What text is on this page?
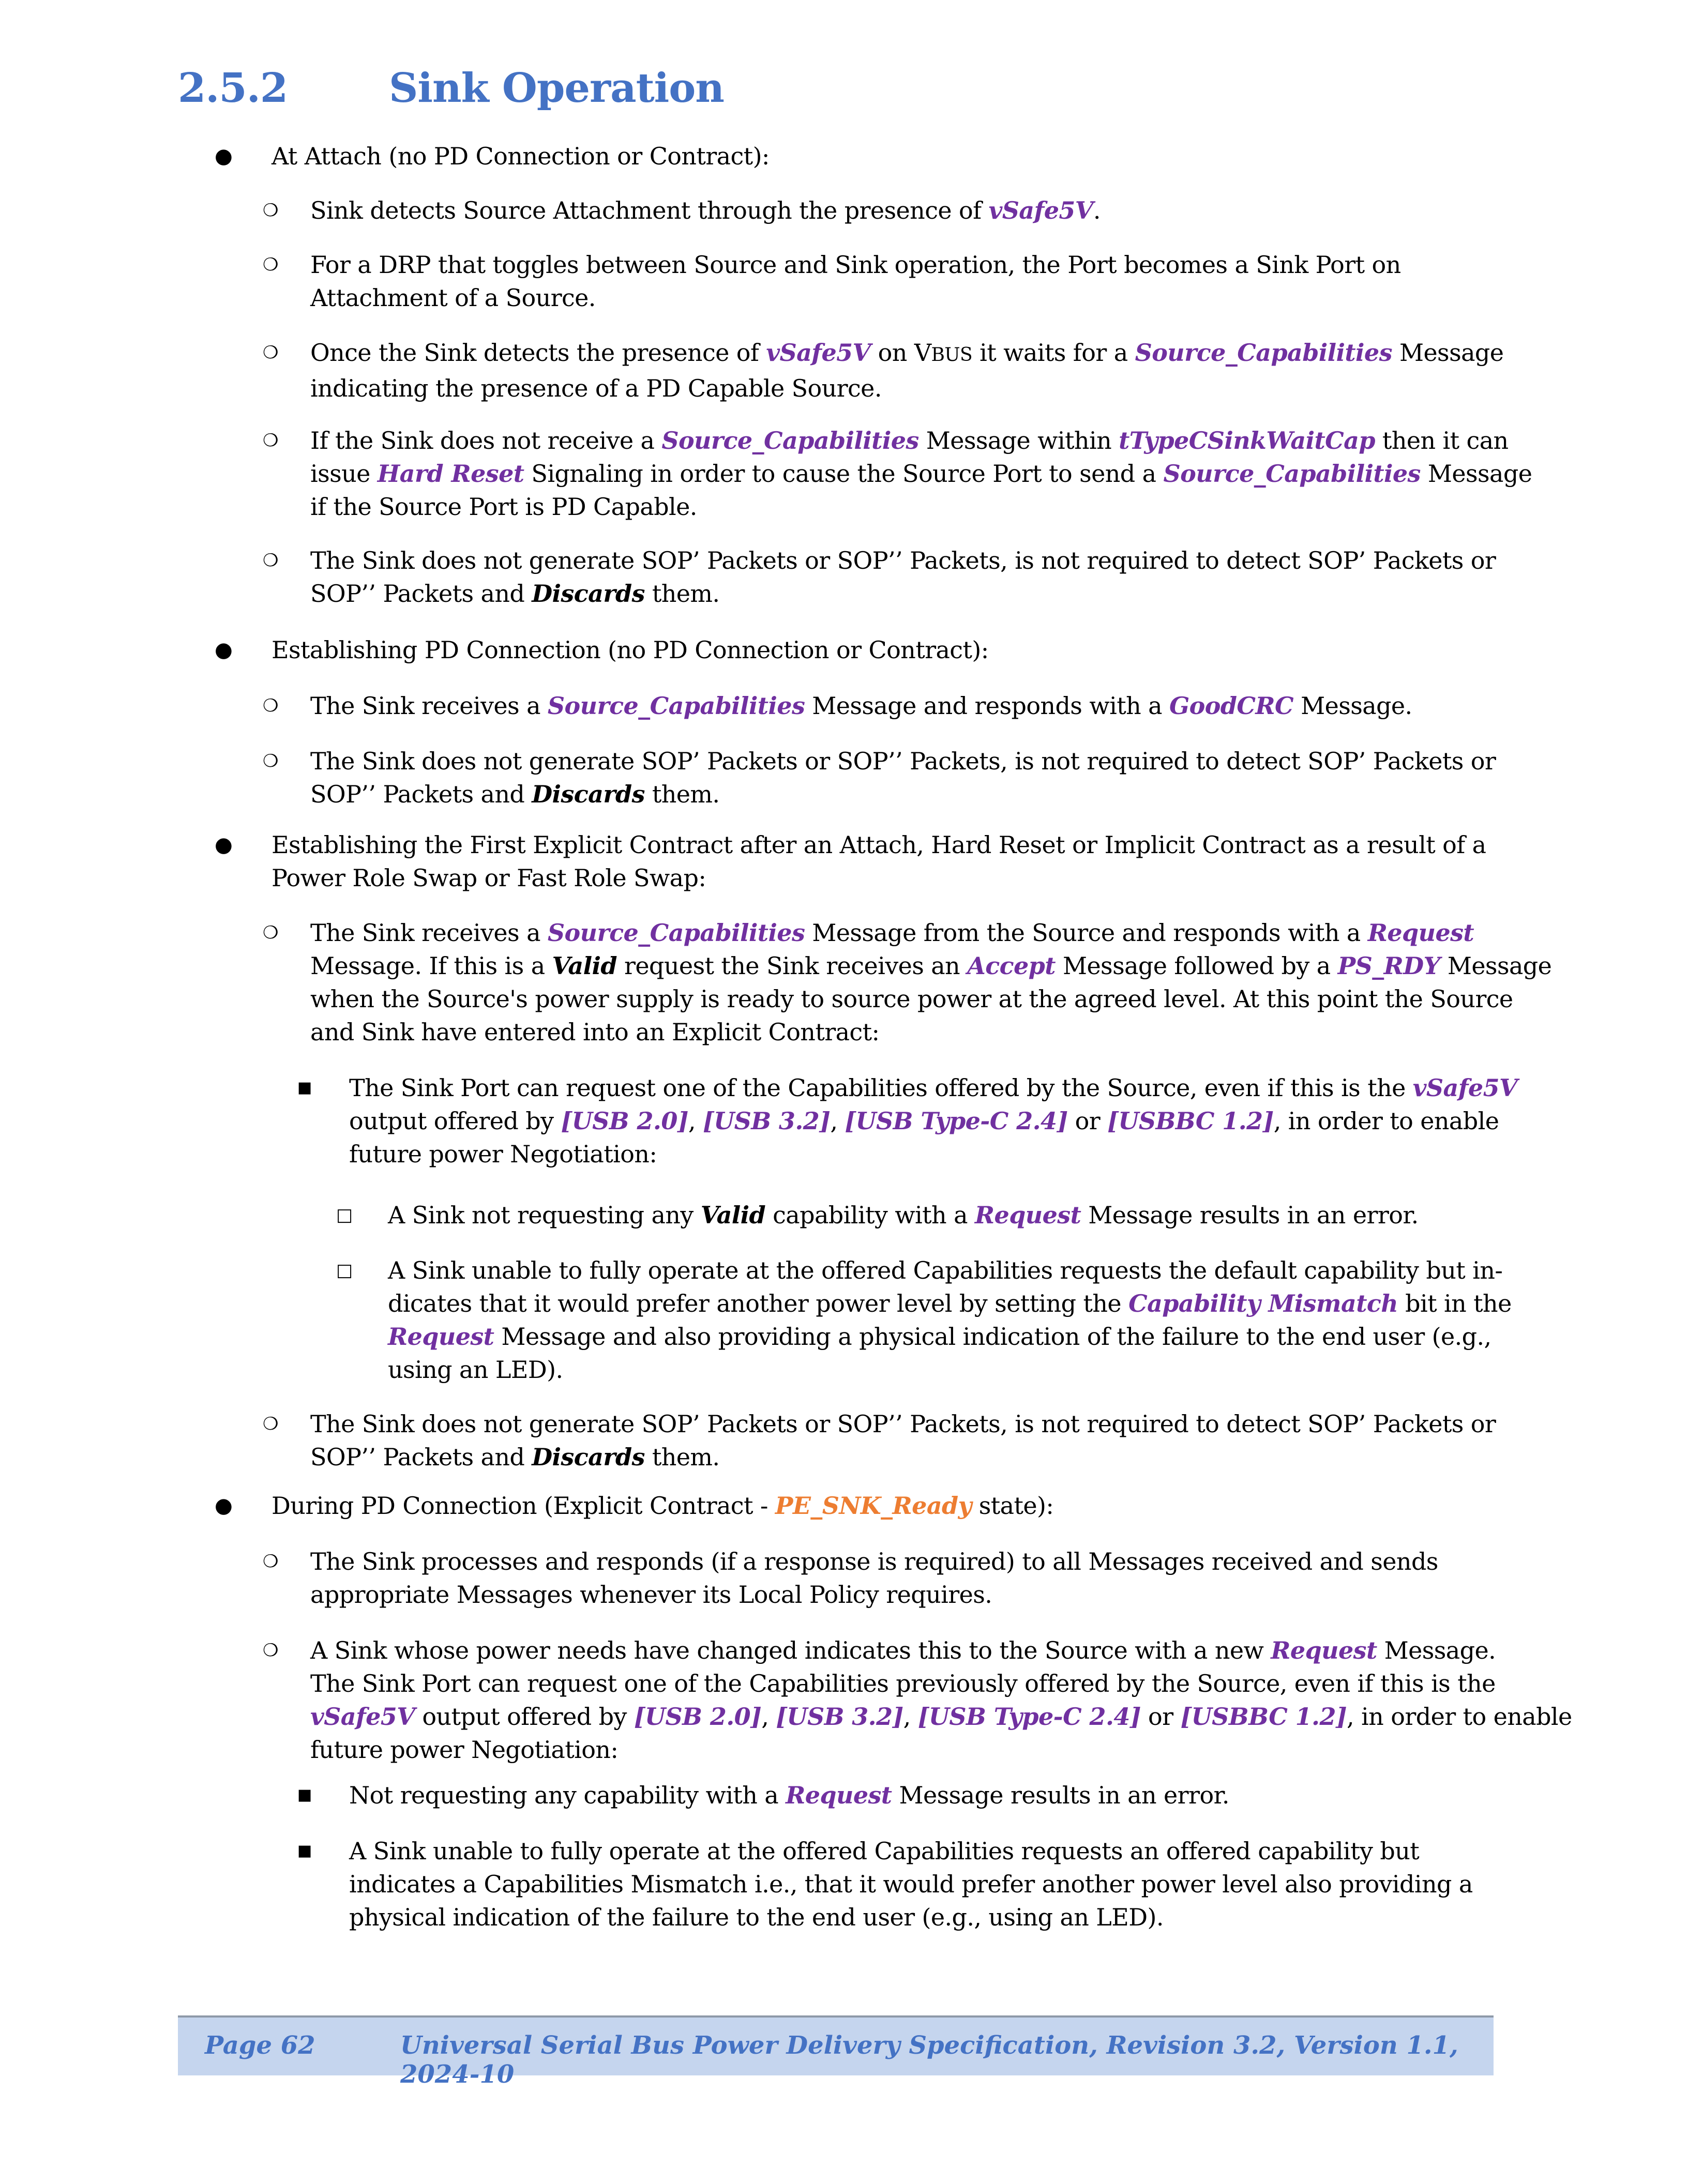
2.5.2	Sink Operation
● At Attach (no PD Connection or Contract):
❍ Sink detects Source Attachment through the presence of vSafe5V.
❍ For a DRP that toggles between Source and Sink operation, the Port becomes a Sink Port on
Attachment of a Source.
❍ Once the Sink detects the presence of vSafe5V on VBUS it waits for a Source_Capabilities Message
indicating the presence of a PD Capable Source.
❍ If the Sink does not receive a Source_Capabilities Message within tTypeCSinkWaitCap then it can
issue Hard Reset Signaling in order to cause the Source Port to send a Source_Capabilities Message
if the Source Port is PD Capable.
❍ The Sink does not generate SOP’ Packets or SOP’’ Packets, is not required to detect SOP’ Packets or
SOP’’ Packets and Discards them.
● Establishing PD Connection (no PD Connection or Contract):
❍ The Sink receives a Source_Capabilities Message and responds with a GoodCRC Message.
❍ The Sink does not generate SOP’ Packets or SOP’’ Packets, is not required to detect SOP’ Packets or
SOP’’ Packets and Discards them.
● Establishing the First Explicit Contract after an Attach, Hard Reset or Implicit Contract as a result of a
Power Role Swap or Fast Role Swap:
❍ The Sink receives a Source_Capabilities Message from the Source and responds with a Request
Message. If this is a Valid request the Sink receives an Accept Message followed by a PS_RDY Message
when the Source's power supply is ready to source power at the agreed level. At this point the Source
and Sink have entered into an Explicit Contract:
■ The Sink Port can request one of the Capabilities offered by the Source, even if this is the vSafe5V
output offered by [USB 2.0], [USB 3.2], [USB Type-C 2.4] or [USBBC 1.2], in order to enable
future power Negotiation:
□ A Sink not requesting any Valid capability with a Request Message results in an error.
□ A Sink unable to fully operate at the offered Capabilities requests the default capability but in-
dicates that it would prefer another power level by setting the Capability Mismatch bit in the
Request Message and also providing a physical indication of the failure to the end user (e.g.,
using an LED).
❍ The Sink does not generate SOP’ Packets or SOP’’ Packets, is not required to detect SOP’ Packets or
SOP’’ Packets and Discards them.
● During PD Connection (Explicit Contract - PE_SNK_Ready state):
❍ The Sink processes and responds (if a response is required) to all Messages received and sends
appropriate Messages whenever its Local Policy requires.
❍ A Sink whose power needs have changed indicates this to the Source with a new Request Message.
The Sink Port can request one of the Capabilities previously offered by the Source, even if this is the
vSafe5V output offered by [USB 2.0], [USB 3.2], [USB Type-C 2.4] or [USBBC 1.2], in order to enable
future power Negotiation:
■ Not requesting any capability with a Request Message results in an error.
■ A Sink unable to fully operate at the offered Capabilities requests an offered capability but
indicates a Capabilities Mismatch i.e., that it would prefer another power level also providing a
physical indication of the failure to the end user (e.g., using an LED).
Page 62	Universal Serial Bus Power Delivery Specification, Revision 3.2, Version 1.1, 2024-10
